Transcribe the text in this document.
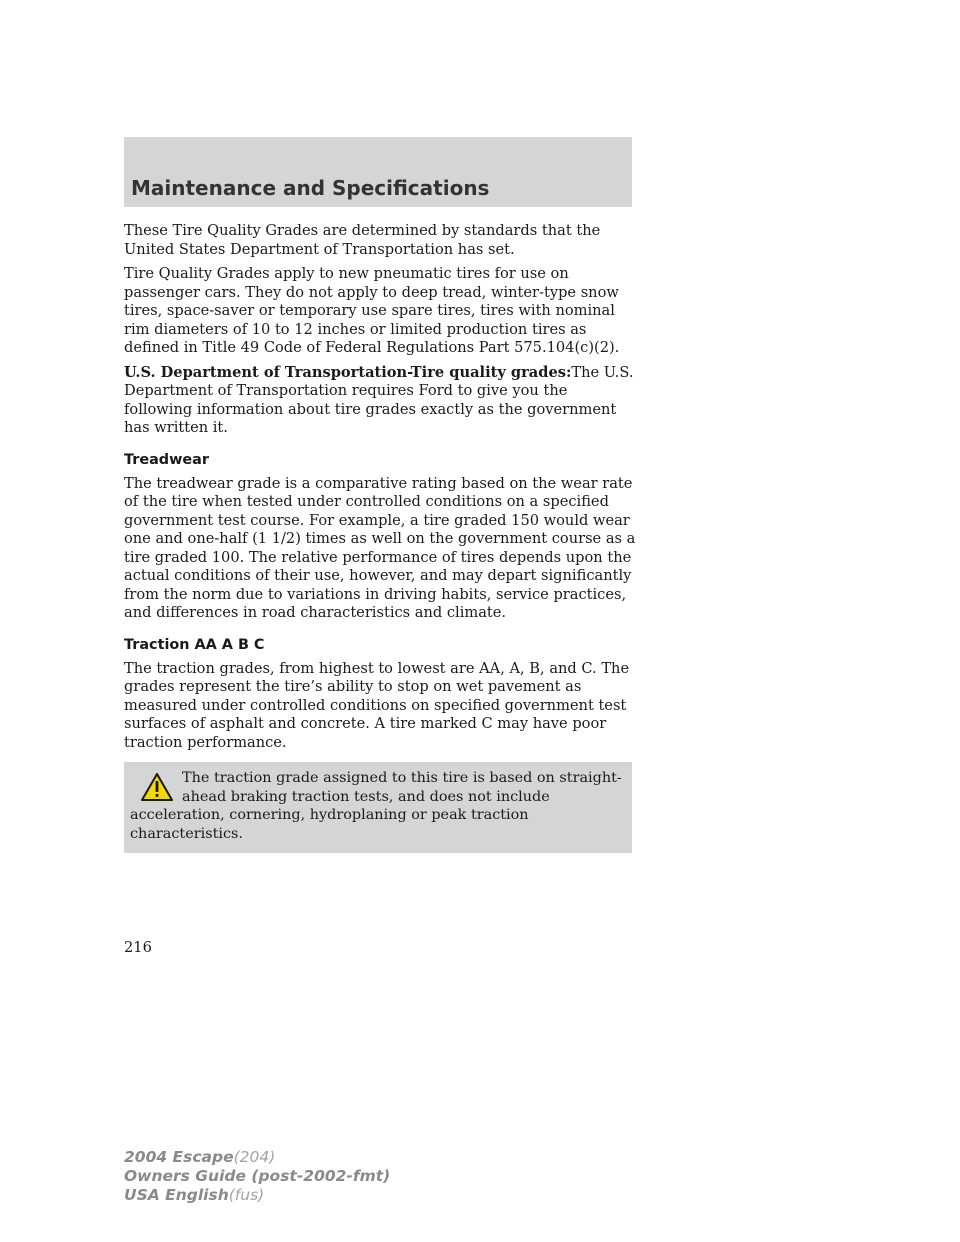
Maintenance and Specifications

These Tire Quality Grades are determined by standards that the United States Department of Transportation has set.

Tire Quality Grades apply to new pneumatic tires for use on passenger cars. They do not apply to deep tread, winter-type snow tires, space-saver or temporary use spare tires, tires with nominal rim diameters of 10 to 12 inches or limited production tires as defined in Title 49 Code of Federal Regulations Part 575.104(c)(2).

U.S. Department of Transportation-Tire quality grades:The U.S. Department of Transportation requires Ford to give you the following information about tire grades exactly as the government has written it.

Treadwear

The treadwear grade is a comparative rating based on the wear rate of the tire when tested under controlled conditions on a specified government test course. For example, a tire graded 150 would wear one and one-half (1 1/2) times as well on the government course as a tire graded 100. The relative performance of tires depends upon the actual conditions of their use, however, and may depart significantly from the norm due to variations in driving habits, service practices, and differences in road characteristics and climate.

Traction AA A B C

The traction grades, from highest to lowest are AA, A, B, and C. The grades represent the tire’s ability to stop on wet pavement as measured under controlled conditions on specified government test surfaces of asphalt and concrete. A tire marked C may have poor traction performance.

The traction grade assigned to this tire is based on straight-ahead braking traction tests, and does not include acceleration, cornering, hydroplaning or peak traction characteristics.
216
2004 Escape(204)
Owners Guide (post-2002-fmt)
USA English(fus)
